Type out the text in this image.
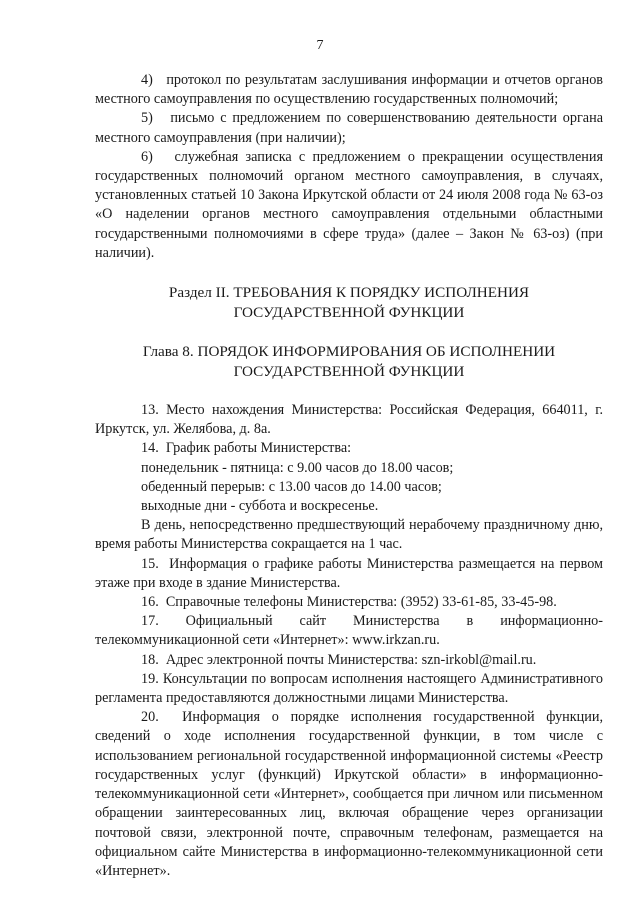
7

4)   протокол по результатам заслушивания информации и отчетов органов местного самоуправления по осуществлению государственных полномочий;

5)   письмо с предложением по совершенствованию деятельности органа местного самоуправления (при наличии);

6)   служебная записка с предложением о прекращении осуществления государственных полномочий органом местного самоуправления, в случаях, установленных статьей 10 Закона Иркутской области от 24 июля 2008 года № 63-оз «О наделении органов местного самоуправления отдельными областными государственными полномочиями в сфере труда» (далее – Закон № 63-оз) (при наличии).

Раздел II. ТРЕБОВАНИЯ К ПОРЯДКУ ИСПОЛНЕНИЯ

ГОСУДАРСТВЕННОЙ ФУНКЦИИ

Глава 8. ПОРЯДОК ИНФОРМИРОВАНИЯ ОБ ИСПОЛНЕНИИ

ГОСУДАРСТВЕННОЙ ФУНКЦИИ

13. Место нахождения Министерства: Российская Федерация, 664011, г. Иркутск, ул. Желябова, д. 8а.

14.  График работы Министерства:

понедельник - пятница: с 9.00 часов до 18.00 часов;

обеденный перерыв: с 13.00 часов до 14.00 часов;

выходные дни - суббота и воскресенье.

В день, непосредственно предшествующий нерабочему праздничному дню, время работы Министерства сокращается на 1 час.

15.  Информация о графике работы Министерства размещается на первом этаже при входе в здание Министерства.

16.  Справочные телефоны Министерства: (3952) 33-61-85, 33-45-98.

17. Официальный сайт Министерства в информационно-телекоммуникационной сети «Интернет»: www.irkzan.ru.

18.  Адрес электронной почты Министерства: szn-irkobl@mail.ru.

19. Консультации по вопросам исполнения настоящего Административного регламента предоставляются должностными лицами Министерства.

20.  Информация о порядке исполнения государственной функции, сведений о ходе исполнения государственной функции, в том числе с использованием региональной государственной информационной системы «Реестр государственных услуг (функций) Иркутской области» в информационно-телекоммуникационной сети «Интернет», сообщается при личном или письменном обращении заинтересованных лиц, включая обращение через организации почтовой связи, электронной почте, справочным телефонам, размещается на официальном сайте Министерства в информационно-телекоммуникационной сети «Интернет».
